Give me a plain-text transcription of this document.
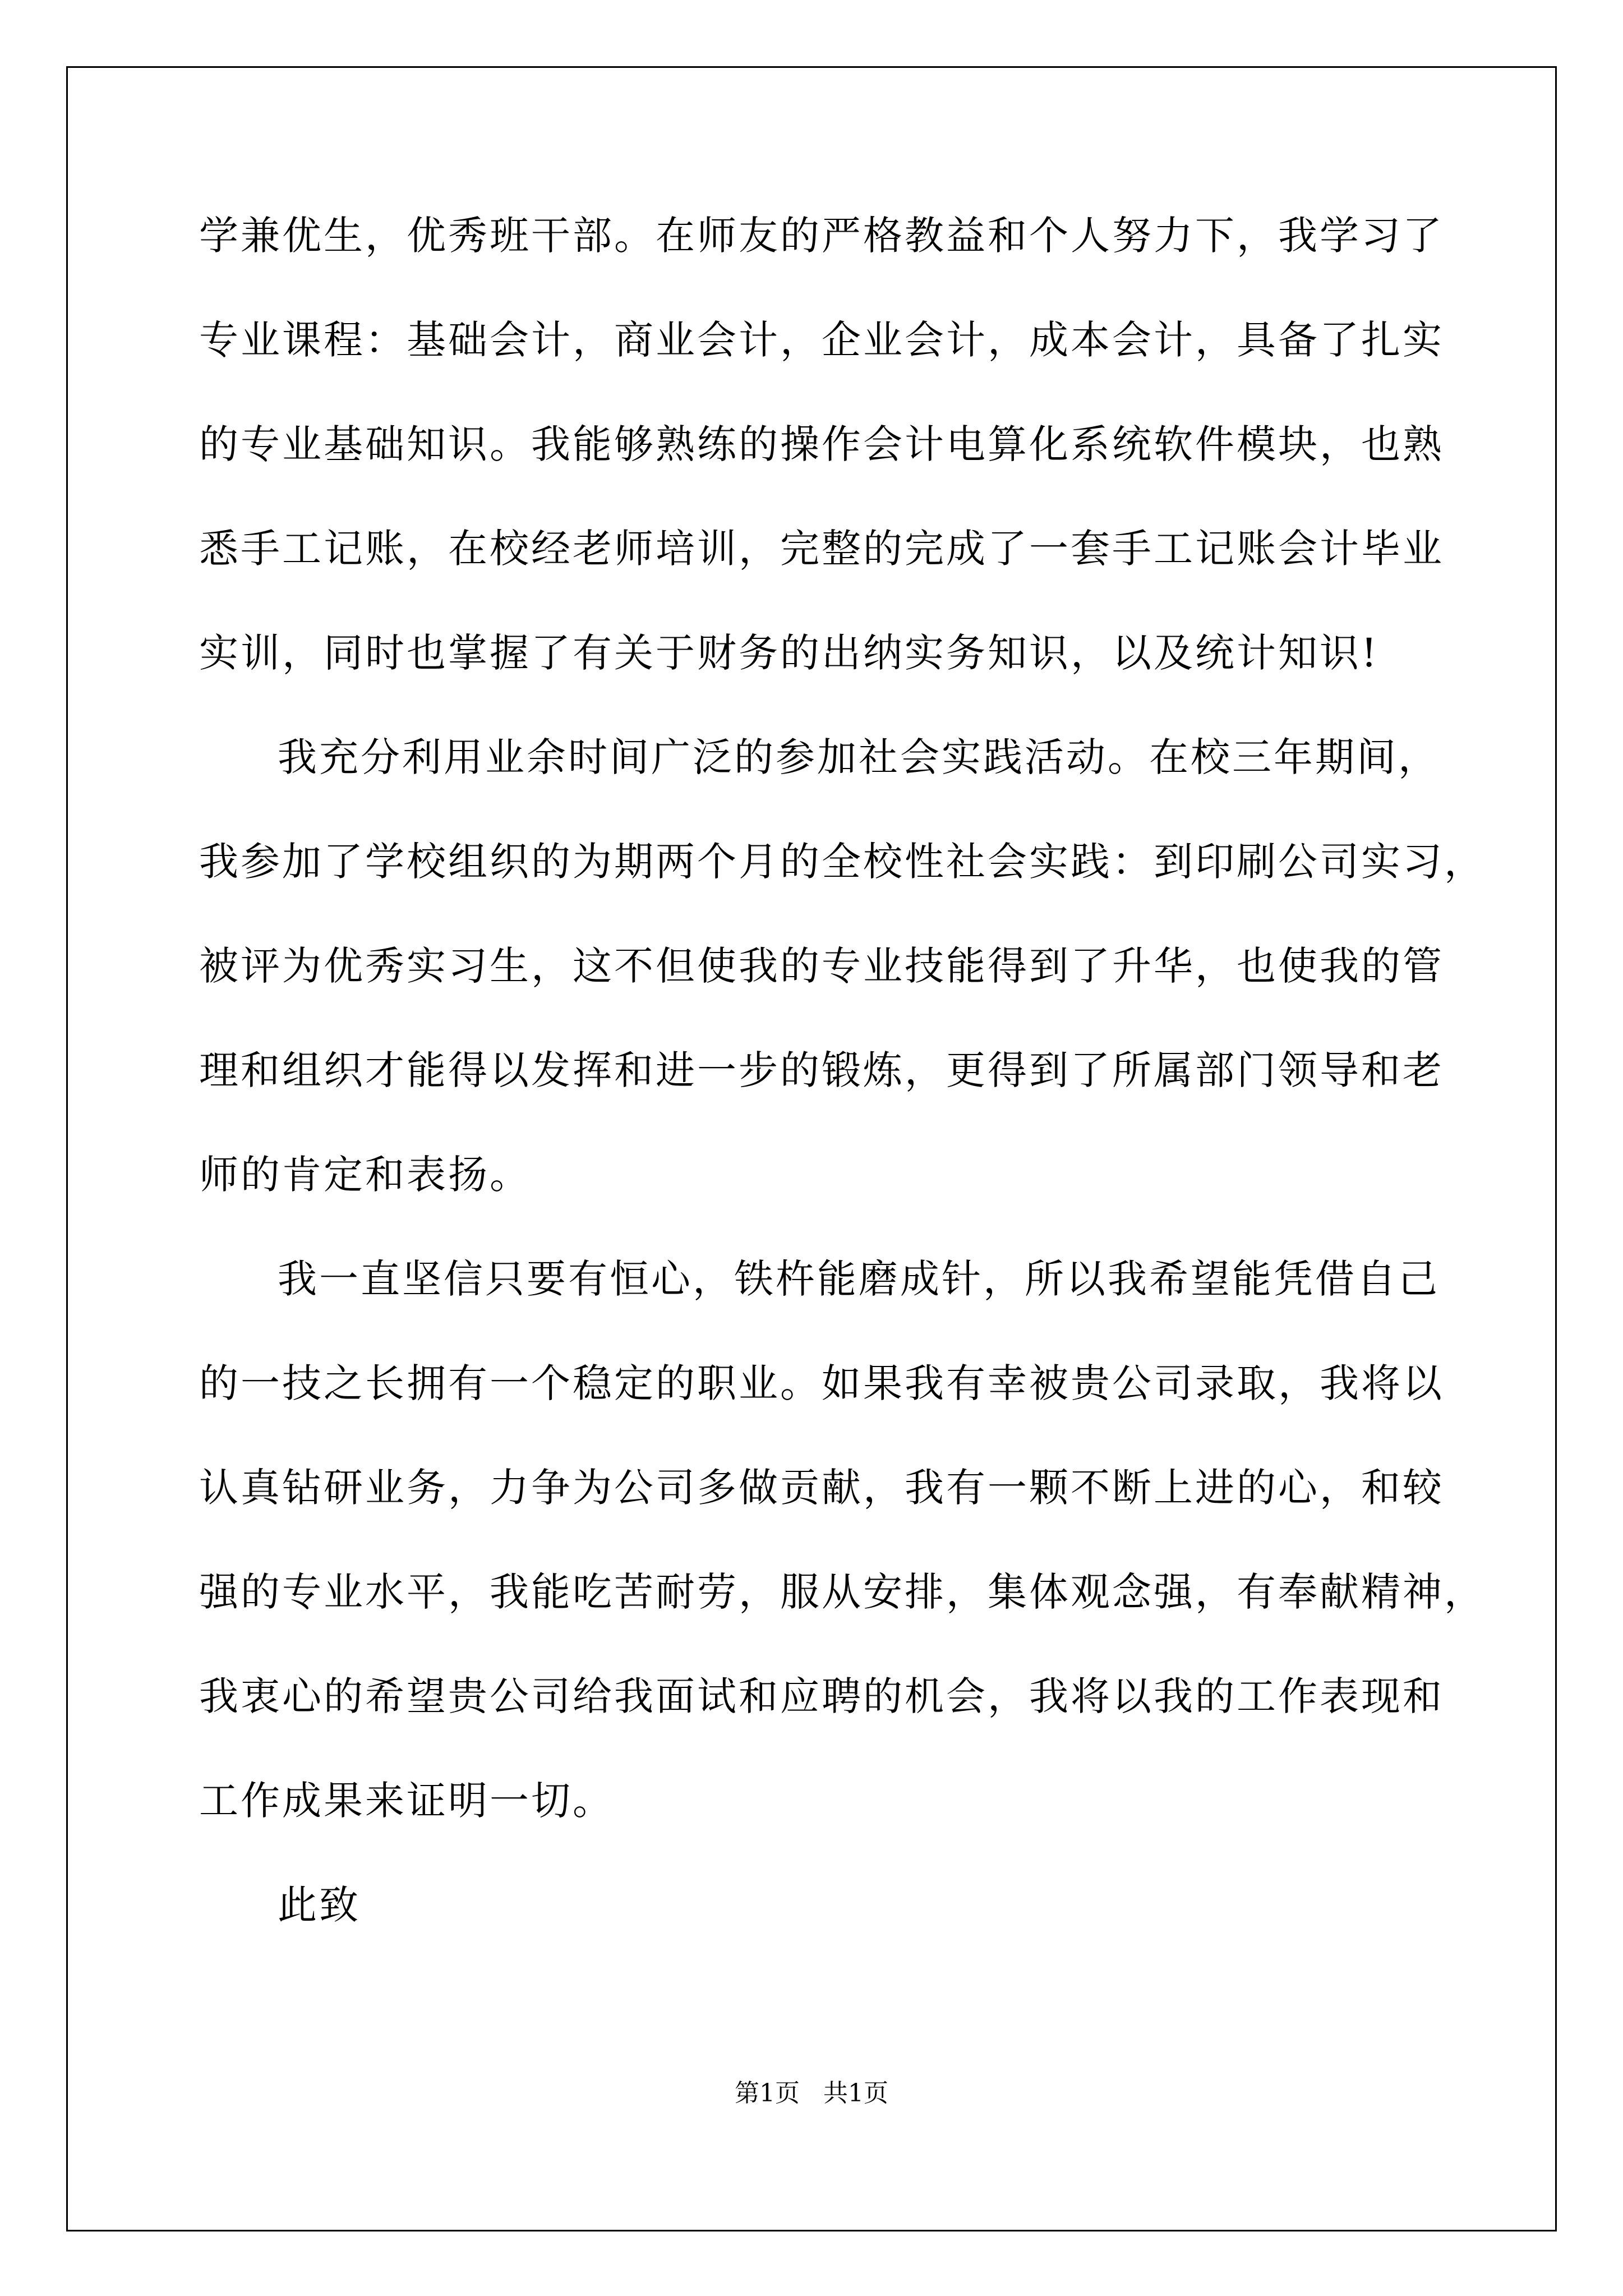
学兼优生，优秀班干部。在师友的严格教益和个人努力下，我学习了
专业课程：基础会计，商业会计，企业会计，成本会计，具备了扎实
的专业基础知识。我能够熟练的操作会计电算化系统软件模块，也熟
悉手工记账，在校经老师培训，完整的完成了一套手工记账会计毕业
实训，同时也掌握了有关于财务的出纳实务知识，以及统计知识!
我充分利用业余时间广泛的参加社会实践活动。在校三年期间，
我参加了学校组织的为期两个月的全校性社会实践：到印刷公司实习，
被评为优秀实习生，这不但使我的专业技能得到了升华，也使我的管
理和组织才能得以发挥和进一步的锻炼，更得到了所属部门领导和老
师的肯定和表扬。
我一直坚信只要有恒心，铁杵能磨成针，所以我希望能凭借自己
的一技之长拥有一个稳定的职业。如果我有幸被贵公司录取，我将以
认真钻研业务，力争为公司多做贡献，我有一颗不断上进的心，和较
强的专业水平，我能吃苦耐劳，服从安排，集体观念强，有奉献精神，
我衷心的希望贵公司给我面试和应聘的机会，我将以我的工作表现和
工作成果来证明一切。
此致
第1页   共1页
